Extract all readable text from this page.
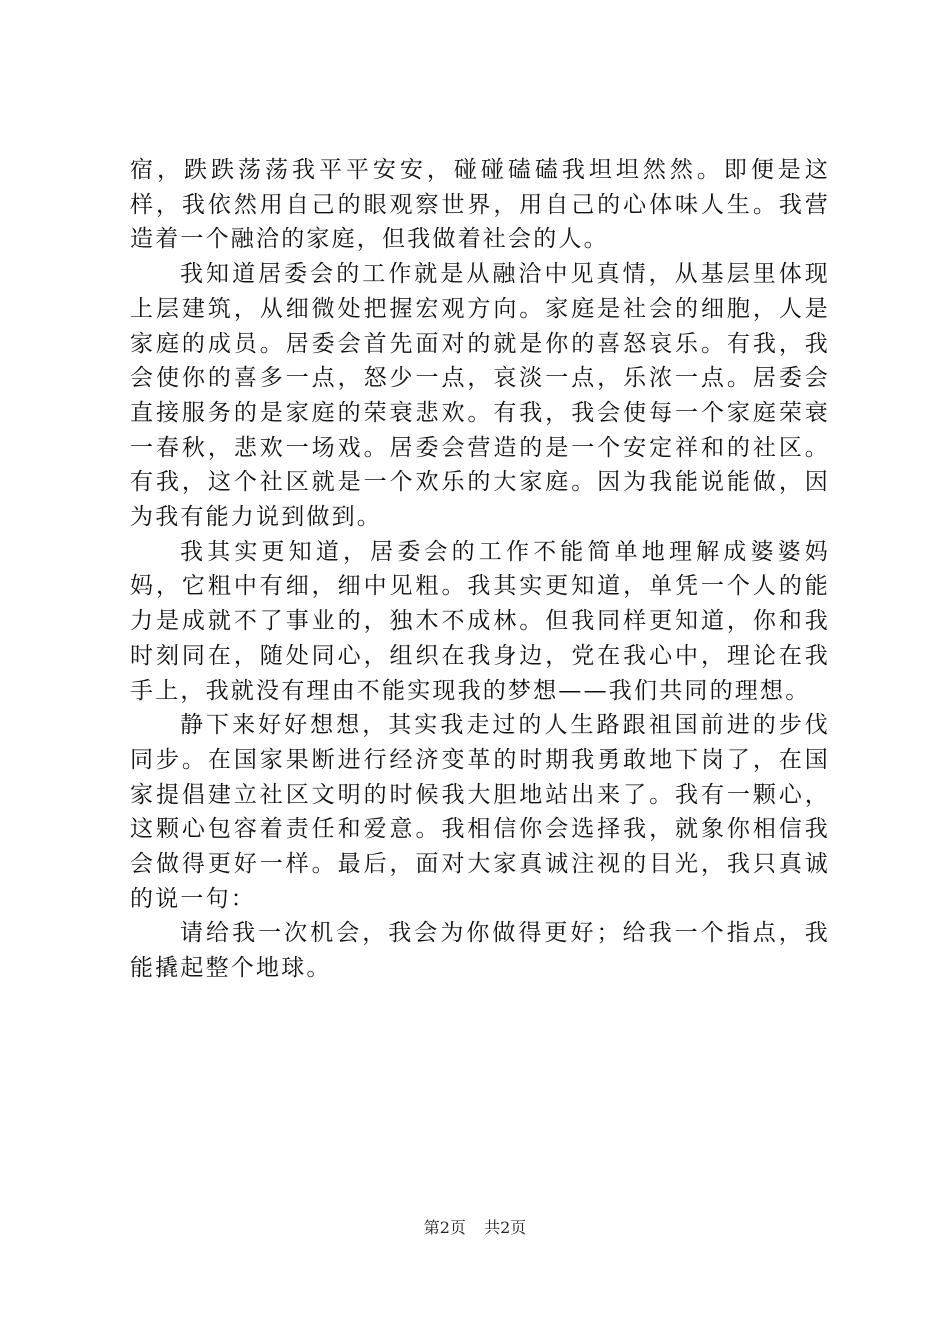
宿，跌跌荡荡我平平安安，碰碰磕磕我坦坦然然。即便是这样，我依然用自己的眼观察世界，用自己的心体味人生。我营造着一个融洽的家庭，但我做着社会的人。

我知道居委会的工作就是从融洽中见真情，从基层里体现上层建筑，从细微处把握宏观方向。家庭是社会的细胞，人是家庭的成员。居委会首先面对的就是你的喜怒哀乐。有我，我会使你的喜多一点，怒少一点，哀淡一点，乐浓一点。居委会直接服务的是家庭的荣衰悲欢。有我，我会使每一个家庭荣衰一春秋，悲欢一场戏。居委会营造的是一个安定祥和的社区。有我，这个社区就是一个欢乐的大家庭。因为我能说能做，因为我有能力说到做到。

我其实更知道，居委会的工作不能简单地理解成婆婆妈妈，它粗中有细，细中见粗。我其实更知道，单凭一个人的能力是成就不了事业的，独木不成林。但我同样更知道，你和我时刻同在，随处同心，组织在我身边，党在我心中，理论在我手上，我就没有理由不能实现我的梦想——我们共同的理想。

静下来好好想想，其实我走过的人生路跟祖国前进的步伐同步。在国家果断进行经济变革的时期我勇敢地下岗了，在国家提倡建立社区文明的时候我大胆地站出来了。我有一颗心，这颗心包容着责任和爱意。我相信你会选择我，就象你相信我会做得更好一样。最后，面对大家真诚注视的目光，我只真诚的说一句：

请给我一次机会，我会为你做得更好；给我一个指点，我能撬起整个地球。

第2页 共2页
